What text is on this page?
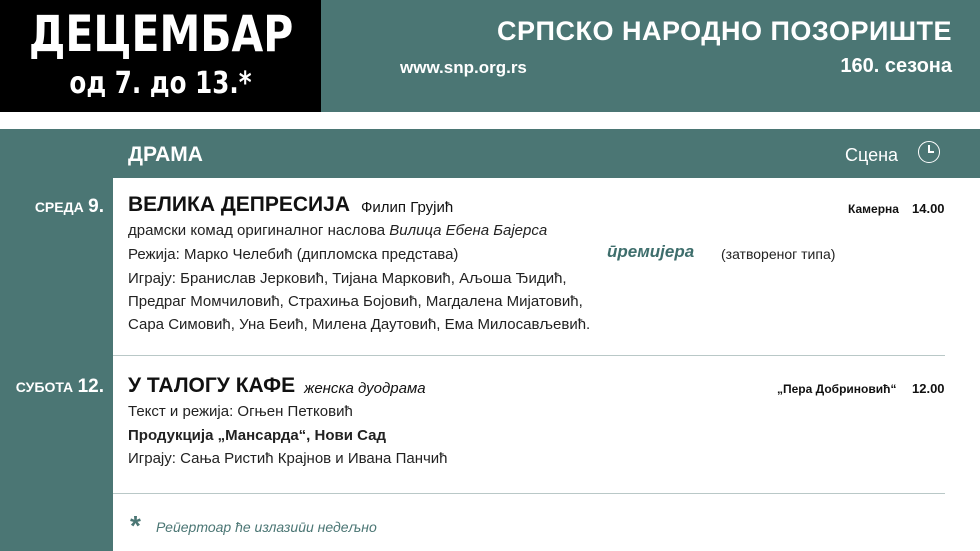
ДЕЦЕМБАР
од 7. до 13.*
СРПСКО НАРОДНО ПОЗОРИШТЕ
www.snp.org.rs	160. сезона
ДРАМА	Сцена
СРЕДА 9. ВЕЛИКА ДЕПРЕСИЈА Филип Грујић	Камерна 14.00
драмски комад оригиналног наслова Вилица Ебена Бајерса
Режија: Марко Челебић (дипломска представа)	ӣремијера (затвореног типа)
Играју: Бранислав Јерковић, Тијана Марковић, Аљоша Ђидић,
Предраг Момчиловић, Страхиња Бојовић, Магдалена Мијатовић,
Сара Симовић, Уна Беић, Милена Даутовић, Ема Милосављевић.
СУБОТА 12. У ТАЛОГУ КАФЕ женска дуодрама	„Пера Добриновић“ 12.00
Текст и режија: Огњен Петковић
Продукција „Мансарда“, Нови Сад
Играју: Сања Ристић Крајнов и Ивана Панчић
* Реӣертоар ће излазиӣи недељно
